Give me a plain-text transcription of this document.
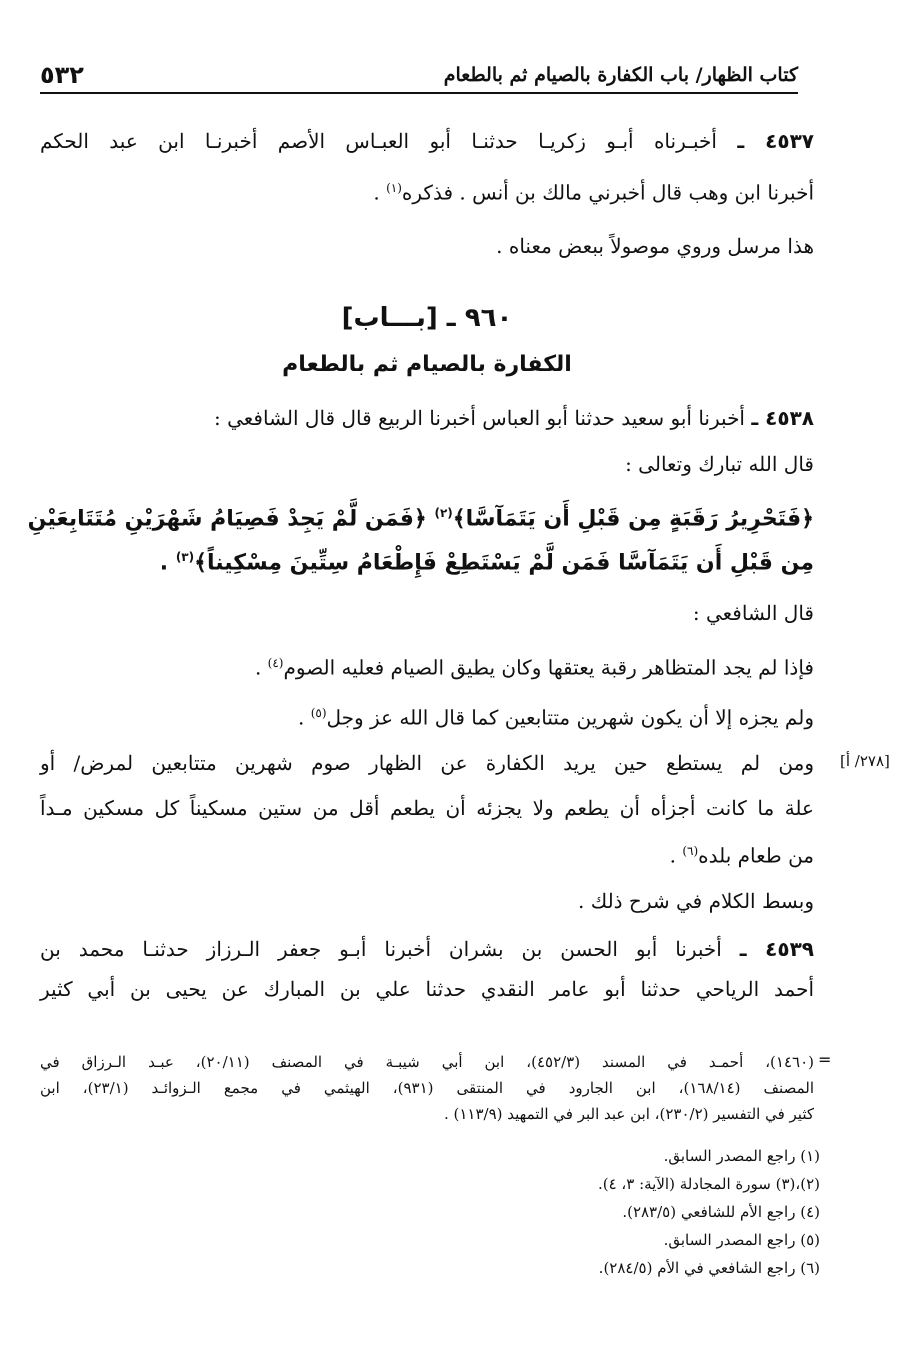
كتاب الظهار/ باب الكفارة بالصيام ثم بالطعام
٥٣٢
٤٥٣٧ ـ أخبـرناه أبـو زكريـا حدثنـا أبو العبـاس الأصم أخبرنـا ابن عبد الحكم
أخبرنا ابن وهب قال أخبرني مالك بن أنس . فذكره$^{(١)}$ .
هذا مرسل وروي موصولاً ببعض معناه .
٩٦٠ ـ [بـــاب]
الكفارة بالصيام ثم بالطعام
٤٥٣٨ ـ أخبرنا أبو سعيد حدثنا أبو العباس أخبرنا الربيع قال قال الشافعي :
قال الله تبارك وتعالى :
﴿فَتَحْرِيرُ رَقَبَةٍ مِن قَبْلِ أَن يَتَمَآسَّا﴾$^{(٢)}$ ﴿فَمَن لَّمْ يَجِدْ فَصِيَامُ شَهْرَيْنِ مُتَتَابِعَيْنِ
مِن قَبْلِ أَن يَتَمَآسَّا فَمَن لَّمْ يَسْتَطِعْ فَإِطْعَامُ سِتِّينَ مِسْكِيناً﴾$^{(٣)}$ .
قال الشافعي :
فإذا لم يجد المتظاهر رقبة يعتقها وكان يطيق الصيام فعليه الصوم$^{(٤)}$ .
ولم يجزه إلا أن يكون شهرين متتابعين كما قال الله عز وجل$^{(٥)}$ .
[٢٧٨/ أ]
ومن لم يستطع حين يريد الكفارة عن الظهار صوم شهرين متتابعين لمرض/ أو
علة ما كانت أجزأه أن يطعم ولا يجزئه أن يطعم أقل من ستين مسكيناً كل مسكين مـداً
من طعام بلده$^{(٦)}$ .
وبسط الكلام في شرح ذلك .
٤٥٣٩ ـ أخبرنا أبو الحسن بن بشران أخبرنا أبـو جعفر الـرزاز حدثنـا محمد بن
أحمد الرياحي حدثنا أبو عامر النقدي حدثنا علي بن المبارك عن يحيى بن أبي كثير
=
(١٤٦٠)، أحمـد في المسند (٤٥٢/٣)، ابن أبي شيبـة في المصنف (٢٠/١١)، عبـد الـرزاق في
المصنف (١٦٨/١٤)، ابن الجارود في المنتقى (٩٣١)، الهيثمي في مجمع الـزوائـد (٢٣/١)، ابن
كثير في التفسير (٢٣٠/٢)، ابن عبد البر في التمهيد (١١٣/٩) .
(١) راجع المصدر السابق.
(٢)،(٣) سورة المجادلة (الآية: ٣، ٤).
(٤) راجع الأم للشافعي (٢٨٣/٥).
(٥) راجع المصدر السابق.
(٦) راجع الشافعي في الأم (٢٨٤/٥).
